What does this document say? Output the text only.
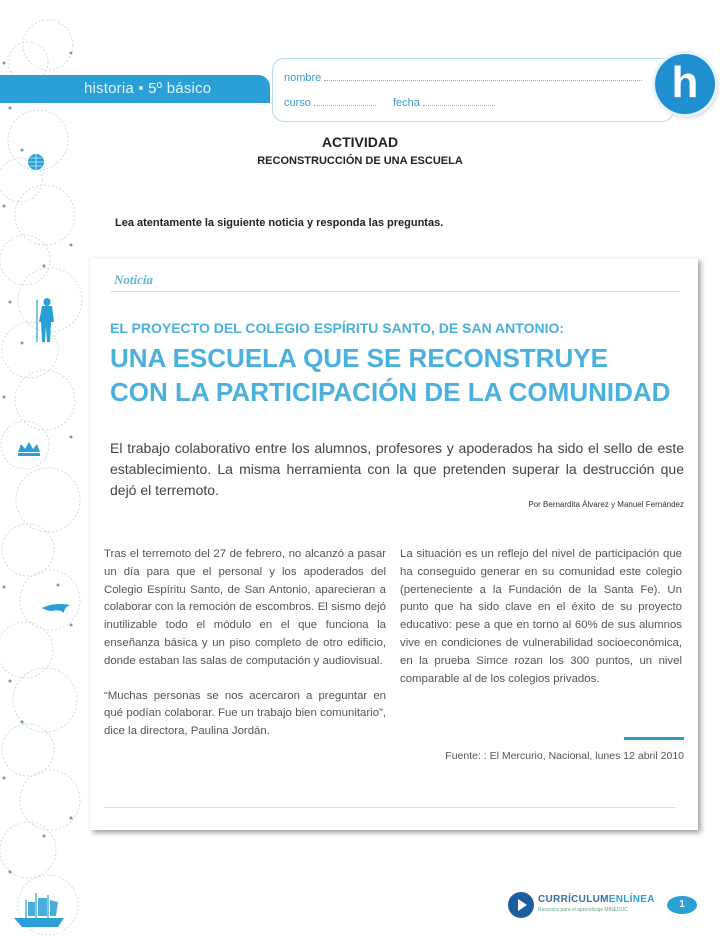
historia • 5º básico
nombre
curso	fecha	h
ACTIVIDAD
RECONSTRUCCIÓN DE UNA ESCUELA
Lea atentamente la siguiente noticia y responda las preguntas.
Noticia
EL PROYECTO DEL COLEGIO ESPÍRITU SANTO, DE SAN ANTONIO:
UNA ESCUELA QUE SE RECONSTRUYE
CON LA PARTICIPACIÓN DE LA COMUNIDAD
El trabajo colaborativo entre los alumnos, profesores y apoderados ha sido el sello de este establecimiento. La misma herramienta con la que pretenden superar la destrucción que dejó el terremoto.
Por Bernardita Álvarez y Manuel Fernández

Tras el terremoto del 27 de febrero, no alcanzó a pasar un día para que el personal y los apoderados del Colegio Espíritu Santo, de San Antonio, aparecieran a colaborar con la remoción de escombros. El sismo dejó inutilizable todo el módulo en el que funciona la enseñanza básica y un piso completo de otro edificio, donde estaban las salas de computación y audiovisual.

“Muchas personas se nos acercaron a preguntar en qué podían colaborar. Fue un trabajo bien comunitario”, dice la directora, Paulina Jordán.

La situación es un reflejo del nivel de participación que ha conseguido generar en su comunidad este colegio (perteneciente a la Fundación de la Santa Fe). Un punto que ha sido clave en el éxito de su proyecto educativo: pese a que en torno al 60% de sus alumnos vive en condiciones de vulnerabilidad socioeconómica, en la prueba Simce rozan los 300 puntos, un nivel comparable al de los colegios privados.

Fuente: : El Mercurio, Nacional, lunes 12 abril 2010
CURRÍCULUMENLÍNEA
Recursos para el aprendizaje MINEDUC	1
